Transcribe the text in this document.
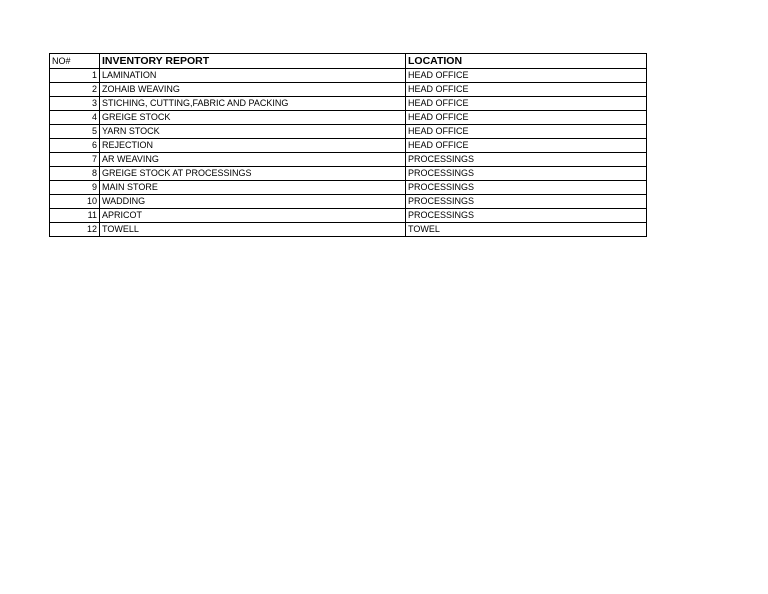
NO#	INVENTORY REPORT	LOCATION
1	LAMINATION	HEAD OFFICE
2	ZOHAIB WEAVING	HEAD OFFICE
3	STICHING, CUTTING,FABRIC AND PACKING	HEAD OFFICE
4	GREIGE STOCK	HEAD OFFICE
5	YARN STOCK	HEAD OFFICE
6	REJECTION	HEAD OFFICE
7	AR WEAVING	PROCESSINGS
8	GREIGE STOCK AT PROCESSINGS	PROCESSINGS
9	MAIN STORE	PROCESSINGS
10	WADDING	PROCESSINGS
11	APRICOT	PROCESSINGS
12	TOWELL	TOWEL
